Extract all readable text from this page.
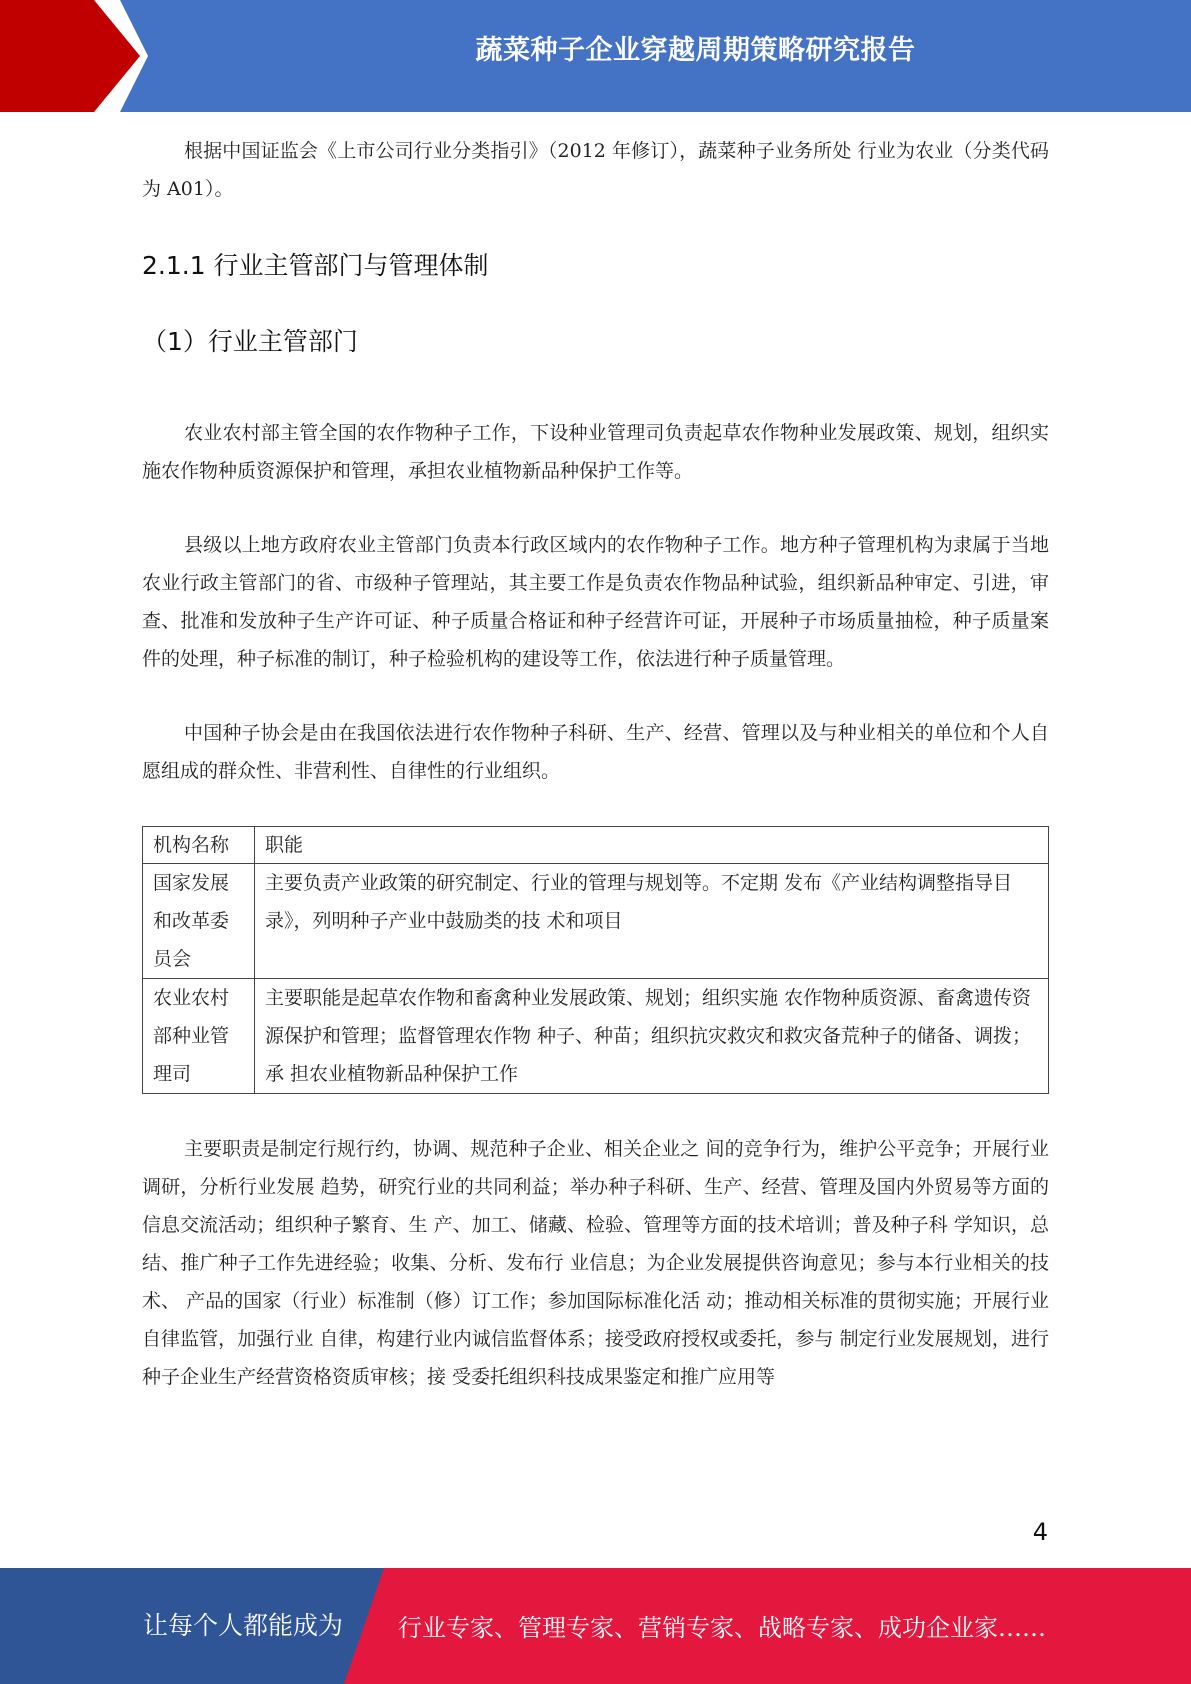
蔬菜种子企业穿越周期策略研究报告

根据中国证监会《上市公司行业分类指引》（2012 年修订），蔬菜种子业务所处 行业为农业（分类代码为 A01）。

2.1.1 行业主管部门与管理体制
（1）行业主管部门

农业农村部主管全国的农作物种子工作，下设种业管理司负责起草农作物种业发展政策、规划，组织实施农作物种质资源保护和管理，承担农业植物新品种保护工作等。

县级以上地方政府农业主管部门负责本行政区域内的农作物种子工作。地方种子管理机构为隶属于当地农业行政主管部门的省、市级种子管理站，其主要工作是负责农作物品种试验，组织新品种审定、引进，审查、批准和发放种子生产许可证、种子质量合格证和种子经营许可证，开展种子市场质量抽检，种子质量案件的处理，种子标准的制订，种子检验机构的建设等工作，依法进行种子质量管理。

中国种子协会是由在我国依法进行农作物种子科研、生产、经营、管理以及与种业相关的单位和个人自愿组成的群众性、非营利性、自律性的行业组织。

机构名称	职能
国家发展和改革委员会	主要负责产业政策的研究制定、行业的管理与规划等。不定期 发布《产业结构调整指导目录》，列明种子产业中鼓励类的技 术和项目
农业农村部种业管理司	主要职能是起草农作物和畜禽种业发展政策、规划；组织实施 农作物种质资源、畜禽遗传资源保护和管理；监督管理农作物 种子、种苗；组织抗灾救灾和救灾备荒种子的储备、调拨；承 担农业植物新品种保护工作

主要职责是制定行规行约，协调、规范种子企业、相关企业之 间的竞争行为，维护公平竞争；开展行业调研，分析行业发展 趋势，研究行业的共同利益；举办种子科研、生产、经营、管理及国内外贸易等方面的信息交流活动；组织种子繁育、生 产、加工、储藏、检验、管理等方面的技术培训；普及种子科 学知识，总结、推广种子工作先进经验；收集、分析、发布行 业信息；为企业发展提供咨询意见；参与本行业相关的技术、 产品的国家（行业）标准制（修）订工作；参加国际标准化活 动；推动相关标准的贯彻实施；开展行业自律监管，加强行业 自律，构建行业内诚信监督体系；接受政府授权或委托，参与 制定行业发展规划，进行种子企业生产经营资格资质审核；接 受委托组织科技成果鉴定和推广应用等

4
让每个人都能成为 行业专家、管理专家、营销专家、战略专家、成功企业家……
